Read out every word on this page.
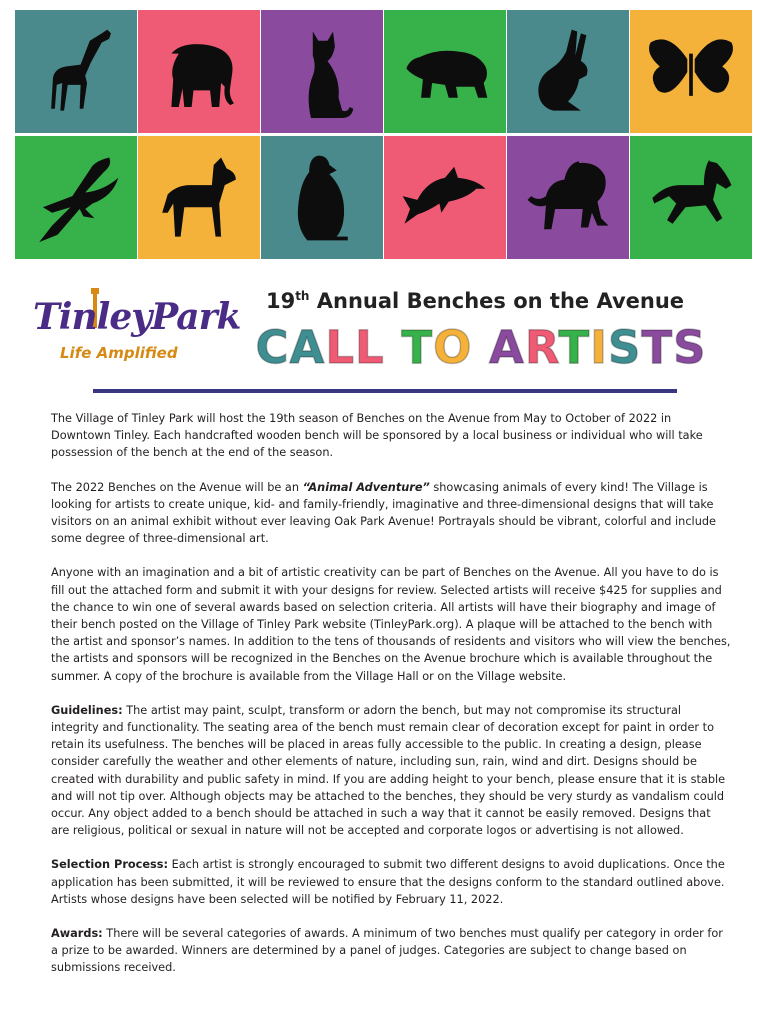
TinleyPark
Life Amplified
19th Annual Benches on the Avenue
CALL TO ARTISTS

The Village of Tinley Park will host the 19th season of Benches on the Avenue from May to October of 2022 in Downtown Tinley. Each handcrafted wooden bench will be sponsored by a local business or individual who will take possession of the bench at the end of the season.

The 2022 Benches on the Avenue will be an “Animal Adventure” showcasing animals of every kind! The Village is looking for artists to create unique, kid- and family-friendly, imaginative and three-dimensional designs that will take visitors on an animal exhibit without ever leaving Oak Park Avenue! Portrayals should be vibrant, colorful and include some degree of three-dimensional art.

Anyone with an imagination and a bit of artistic creativity can be part of Benches on the Avenue. All you have to do is fill out the attached form and submit it with your designs for review. Selected artists will receive $425 for supplies and the chance to win one of several awards based on selection criteria. All artists will have their biography and image of their bench posted on the Village of Tinley Park website (TinleyPark.org). A plaque will be attached to the bench with the artist and sponsor’s names. In addition to the tens of thousands of residents and visitors who will view the benches, the artists and sponsors will be recognized in the Benches on the Avenue brochure which is available throughout the summer. A copy of the brochure is available from the Village Hall or on the Village website.

Guidelines: The artist may paint, sculpt, transform or adorn the bench, but may not compromise its structural integrity and functionality. The seating area of the bench must remain clear of decoration except for paint in order to retain its usefulness. The benches will be placed in areas fully accessible to the public. In creating a design, please consider carefully the weather and other elements of nature, including sun, rain, wind and dirt. Designs should be created with durability and public safety in mind. If you are adding height to your bench, please ensure that it is stable and will not tip over. Although objects may be attached to the benches, they should be very sturdy as vandalism could occur. Any object added to a bench should be attached in such a way that it cannot be easily removed. Designs that are religious, political or sexual in nature will not be accepted and corporate logos or advertising is not allowed.

Selection Process: Each artist is strongly encouraged to submit two different designs to avoid duplications. Once the application has been submitted, it will be reviewed to ensure that the designs conform to the standard outlined above. Artists whose designs have been selected will be notified by February 11, 2022.

Awards: There will be several categories of awards. A minimum of two benches must qualify per category in order for a prize to be awarded. Winners are determined by a panel of judges. Categories are subject to change based on submissions received.
